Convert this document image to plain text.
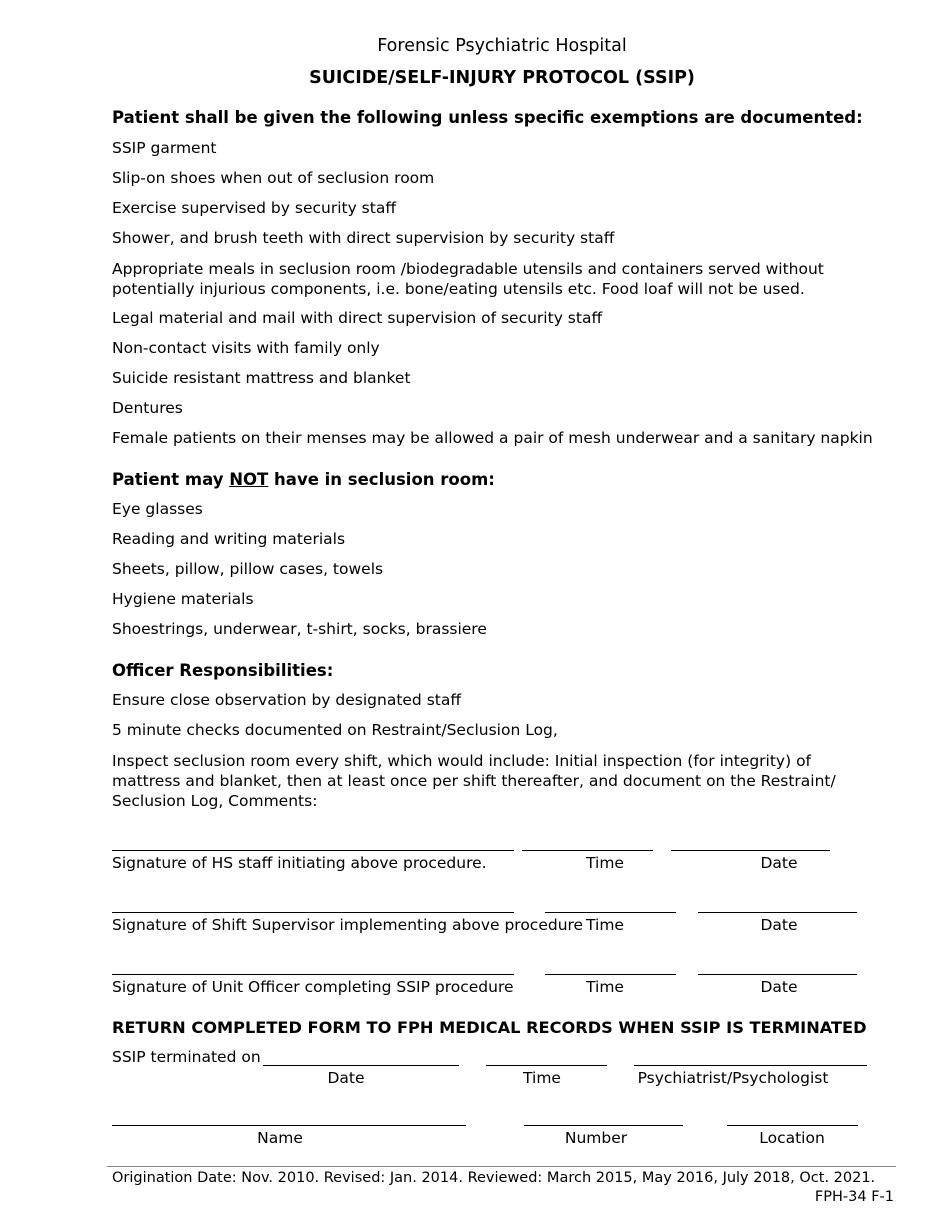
Forensic Psychiatric Hospital
SUICIDE/SELF-INJURY PROTOCOL (SSIP)
Patient shall be given the following unless specific exemptions are documented:
SSIP garment
Slip-on shoes when out of seclusion room
Exercise supervised by security staff
Shower, and brush teeth with direct supervision by security staff
Appropriate meals in seclusion room /biodegradable utensils and containers served without potentially injurious components, i.e. bone/eating utensils etc. Food loaf will not be used.
Legal material and mail with direct supervision of security staff
Non-contact visits with family only
Suicide resistant mattress and blanket
Dentures
Female patients on their menses may be allowed a pair of mesh underwear and a sanitary napkin
Patient may NOT have in seclusion room:
Eye glasses
Reading and writing materials
Sheets, pillow, pillow cases, towels
Hygiene materials
Shoestrings, underwear, t-shirt, socks, brassiere
Officer Responsibilities:
Ensure close observation by designated staff
5 minute checks documented on Restraint/Seclusion Log,
Inspect seclusion room every shift, which would include: Initial inspection (for integrity) of mattress and blanket, then at least once per shift thereafter, and document on the Restraint/ Seclusion Log, Comments:
Signature of HS staff initiating above procedure.	Time	Date
Signature of Shift Supervisor implementing above procedure Time	Date
Signature of Unit Officer completing SSIP procedure	Time	Date
RETURN COMPLETED FORM TO FPH MEDICAL RECORDS WHEN SSIP IS TERMINATED
SSIP terminated on
Date	Time	Psychiatrist/Psychologist
Name	Number	Location
Origination Date: Nov. 2010. Revised: Jan. 2014. Reviewed: March 2015, May 2016, July 2018, Oct. 2021.
FPH-34 F-1
